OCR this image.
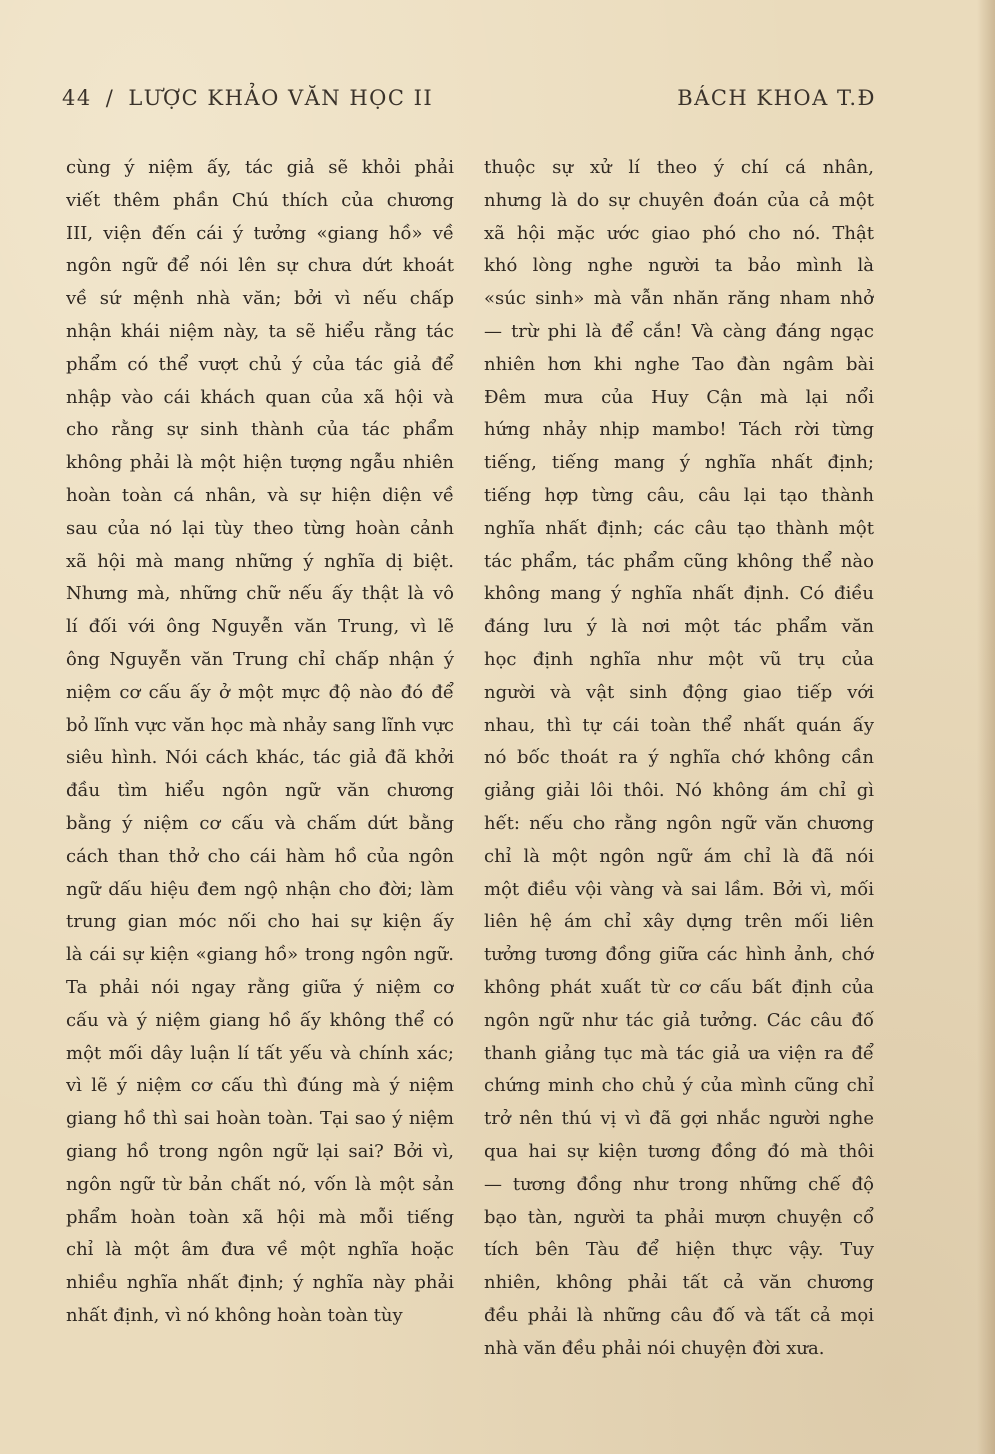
44 / LƯỢC KHẢO VĂN HỌC II	BÁCH KHOA T.Đ
cùng ý niệm ấy, tác giả sẽ khỏi phải
viết thêm phần Chú thích của chương
III, viện đến cái ý tưởng «giang hồ» về
ngôn ngữ để nói lên sự chưa dứt khoát
về sứ mệnh nhà văn; bởi vì nếu chấp
nhận khái niệm này, ta sẽ hiểu rằng tác
phẩm có thể vượt chủ ý của tác giả để
nhập vào cái khách quan của xã hội và
cho rằng sự sinh thành của tác phẩm
không phải là một hiện tượng ngẫu nhiên
hoàn toàn cá nhân, và sự hiện diện về
sau của nó lại tùy theo từng hoàn cảnh
xã hội mà mang những ý nghĩa dị biệt.
Nhưng mà, những chữ nếu ấy thật là vô
lí đối với ông Nguyễn văn Trung, vì lẽ
ông Nguyễn văn Trung chỉ chấp nhận ý
niệm cơ cấu ấy ở một mực độ nào đó để
bỏ lĩnh vực văn học mà nhảy sang lĩnh vực
siêu hình. Nói cách khác, tác giả đã khởi
đầu tìm hiểu ngôn ngữ văn chương
bằng ý niệm cơ cấu và chấm dứt bằng
cách than thở cho cái hàm hồ của ngôn
ngữ dấu hiệu đem ngộ nhận cho đời; làm
trung gian móc nối cho hai sự kiện ấy
là cái sự kiện «giang hồ» trong ngôn ngữ.
Ta phải nói ngay rằng giữa ý niệm cơ
cấu và ý niệm giang hồ ấy không thể có
một mối dây luận lí tất yếu và chính xác;
vì lẽ ý niệm cơ cấu thì đúng mà ý niệm
giang hồ thì sai hoàn toàn. Tại sao ý niệm
giang hồ trong ngôn ngữ lại sai? Bởi vì,
ngôn ngữ từ bản chất nó, vốn là một sản
phẩm hoàn toàn xã hội mà mỗi tiếng
chỉ là một âm đưa về một nghĩa hoặc
nhiều nghĩa nhất định; ý nghĩa này phải
nhất định, vì nó không hoàn toàn tùy
thuộc sự xử lí theo ý chí cá nhân,
nhưng là do sự chuyên đoán của cả một
xã hội mặc ước giao phó cho nó. Thật
khó lòng nghe người ta bảo mình là
«súc sinh» mà vẫn nhăn răng nham nhở
— trừ phi là để cắn! Và càng đáng ngạc
nhiên hơn khi nghe Tao đàn ngâm bài
Đêm mưa của Huy Cận mà lại nổi
hứng nhảy nhịp mambo! Tách rời từng
tiếng, tiếng mang ý nghĩa nhất định;
tiếng hợp từng câu, câu lại tạo thành
nghĩa nhất định; các câu tạo thành một
tác phẩm, tác phẩm cũng không thể nào
không mang ý nghĩa nhất định. Có điều
đáng lưu ý là nơi một tác phẩm văn
học định nghĩa như một vũ trụ của
người và vật sinh động giao tiếp với
nhau, thì tự cái toàn thể nhất quán ấy
nó bốc thoát ra ý nghĩa chớ không cần
giảng giải lôi thôi. Nó không ám chỉ gì
hết: nếu cho rằng ngôn ngữ văn chương
chỉ là một ngôn ngữ ám chỉ là đã nói
một điều vội vàng và sai lầm. Bởi vì, mối
liên hệ ám chỉ xây dựng trên mối liên
tưởng tương đồng giữa các hình ảnh, chớ
không phát xuất từ cơ cấu bất định của
ngôn ngữ như tác giả tưởng. Các câu đố
thanh giảng tục mà tác giả ưa viện ra để
chứng minh cho chủ ý của mình cũng chỉ
trở nên thú vị vì đã gợi nhắc người nghe
qua hai sự kiện tương đồng đó mà thôi
— tương đồng như trong những chế độ
bạo tàn, người ta phải mượn chuyện cổ
tích bên Tàu để hiện thực vậy. Tuy
nhiên, không phải tất cả văn chương
đều phải là những câu đố và tất cả mọi
nhà văn đều phải nói chuyện đời xưa.
